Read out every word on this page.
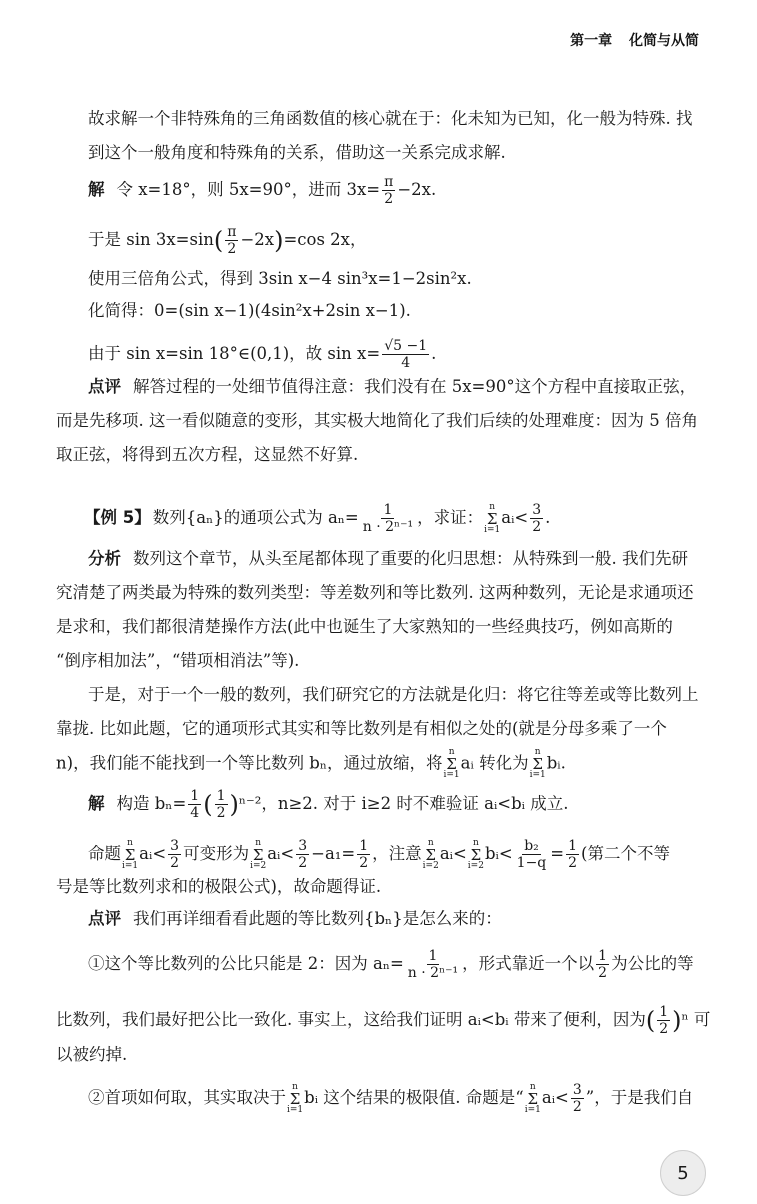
第一章 化简与从简
故求解一个非特殊角的三角函数值的核心就在于：化未知为已知，化一般为特殊. 找
到这个一般角度和特殊角的关系，借助这一关系完成求解.
解 令 x=18°，则 5x=90°，进而 $3x= \frac{\pi}{2} -2x$.
于是 $\sin 3x=\sin( \frac{\pi}{2} -2x)=\cos$ 2x，
使用三倍角公式，得到 3sin x−4 sin³x=1−2sin²x.
化简得：0=(sin x−1)(4sin²x+2sin x−1).
由于 sin x=sin 18°∈(0,1)，故 $\sin x= \frac{√5 -1}{4}$ .
点评 解答过程的一处细节值得注意：我们没有在 5x=90°这个方程中直接取正弦，
而是先移项. 这一看似随意的变形，其实极大地简化了我们后续的处理难度：因为 5 倍角
取正弦，将得到五次方程，这显然不好算.
【例 5】 数列{aₙ}的通项公式为 $a_n= \frac{1}{\text{n · 2ⁿ⁻¹}}$ ，求证：
n
Σ
i=1
aᵢ< $\frac{3}{2}$ .
分析 数列这个章节，从头至尾都体现了重要的化归思想：从特殊到一般. 我们先研
究清楚了两类最为特殊的数列类型：等差数列和等比数列. 这两种数列，无论是求通项还
是求和，我们都很清楚操作方法(此中也诞生了大家熟知的一些经典技巧，例如高斯的
“倒序相加法”，“错项相消法”等).
于是，对于一个一般的数列，我们研究它的方法就是化归：将它往等差或等比数列上
靠拢. 比如此题，它的通项形式其实和等比数列是有相似之处的(就是分母多乘了一个
n)，我们能不能找到一个等比数列 bₙ，通过放缩，将
n
Σ
i=1
aᵢ 转化为
n
Σ
i=1
bᵢ.
解 构造 $b_n= \frac{1}{4}$ ( $\frac{1}{2} )^{n-2}$，n≥2. 对于 i≥2 时不难验证 aᵢ<bᵢ 成立.
命题
n
Σ
i=1
aᵢ< $\frac{3}{2}$ 可变形为
n
Σ
i=2
aᵢ< $\frac{3}{2} -a_1= \frac{1}{2}$ ，注意
n
Σ
i=2
aᵢ<
n
Σ
i=2
bᵢ< $\frac{\text{b₂}}{1-q} = \frac{1}{2}$ (第二个不等
号是等比数列求和的极限公式)，故命题得证.
点评 我们再详细看看此题的等比数列{bₙ}是怎么来的：
①这个等比数列的公比只能是 2：因为 $a_n= \frac{1}{\text{n · 2ⁿ⁻¹}}$ ，形式靠近一个以 $\frac{1}{2}$ 为公比的等
比数列，我们最好把公比一致化. 事实上，这给我们证明 aᵢ<bᵢ 带来了便利，因为( $\frac{1}{2} )^n$ 可
以被约掉.
②首项如何取，其实取决于
n
Σ
i=1
bᵢ 这个结果的极限值. 命题是“
n
Σ
i=1
aᵢ< $\frac{3}{2}$ ”，于是我们自
5
